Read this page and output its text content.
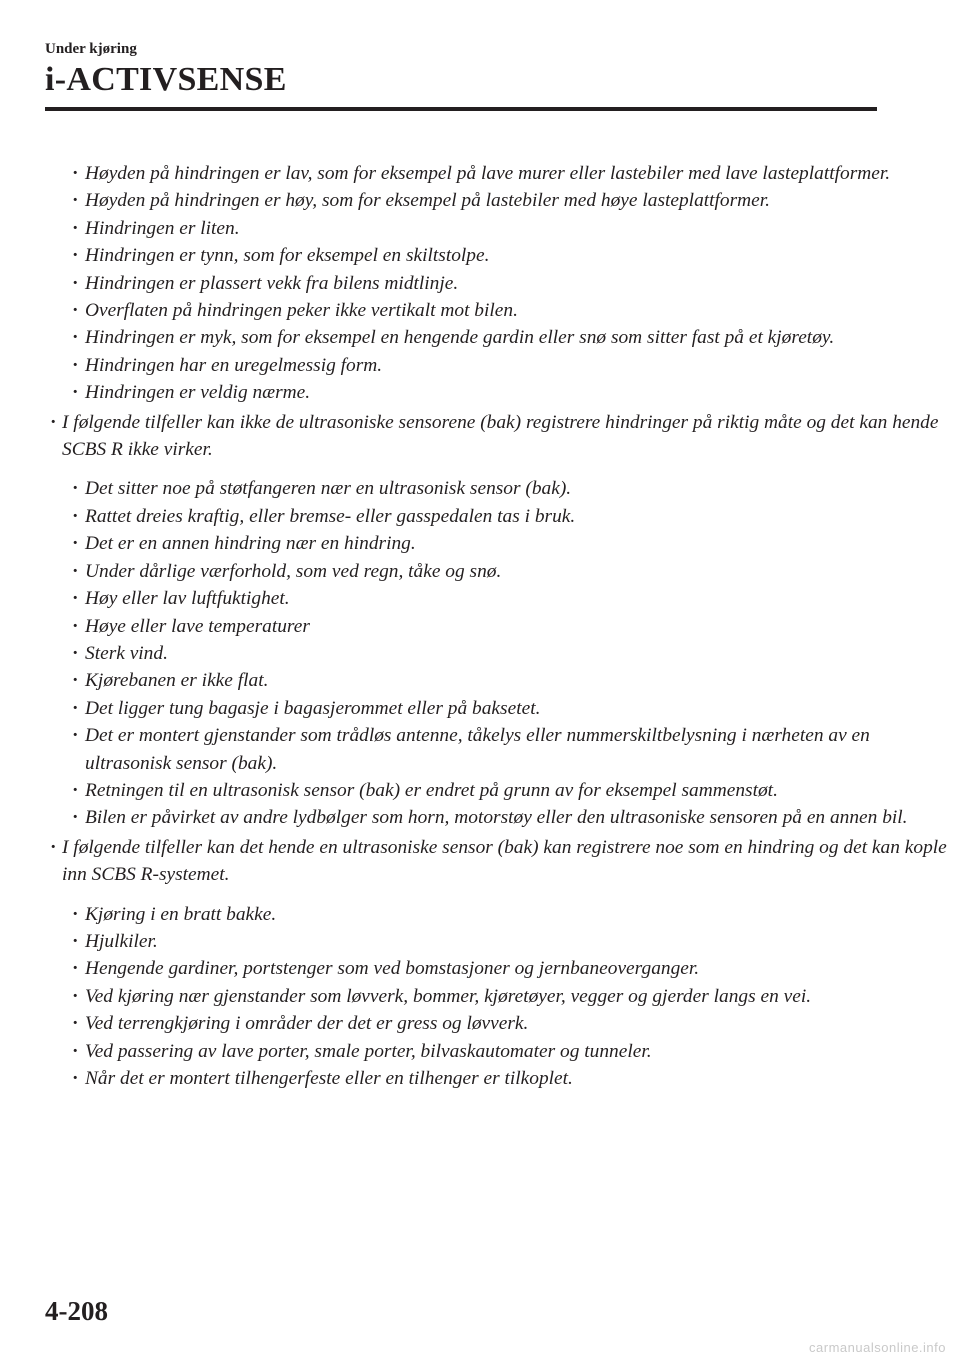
Under kjøring
i-ACTIVSENSE
· Høyden på hindringen er lav, som for eksempel på lave murer eller lastebiler med lave lasteplattformer.
· Høyden på hindringen er høy, som for eksempel på lastebiler med høye lasteplattformer.
· Hindringen er liten.
· Hindringen er tynn, som for eksempel en skiltstolpe.
· Hindringen er plassert vekk fra bilens midtlinje.
· Overflaten på hindringen peker ikke vertikalt mot bilen.
· Hindringen er myk, som for eksempel en hengende gardin eller snø som sitter fast på et kjøretøy.
· Hindringen har en uregelmessig form.
· Hindringen er veldig nærme.
· I følgende tilfeller kan ikke de ultrasoniske sensorene (bak) registrere hindringer på riktig måte og det kan hende SCBS R ikke virker.
· Det sitter noe på støtfangeren nær en ultrasonisk sensor (bak).
· Rattet dreies kraftig, eller bremse- eller gasspedalen tas i bruk.
· Det er en annen hindring nær en hindring.
· Under dårlige værforhold, som ved regn, tåke og snø.
· Høy eller lav luftfuktighet.
· Høye eller lave temperaturer
· Sterk vind.
· Kjørebanen er ikke flat.
· Det ligger tung bagasje i bagasjerommet eller på baksetet.
· Det er montert gjenstander som trådløs antenne, tåkelys eller nummerskiltbelysning i nærheten av en ultrasonisk sensor (bak).
· Retningen til en ultrasonisk sensor (bak) er endret på grunn av for eksempel sammenstøt.
· Bilen er påvirket av andre lydbølger som horn, motorstøy eller den ultrasoniske sensoren på en annen bil.
· I følgende tilfeller kan det hende en ultrasoniske sensor (bak) kan registrere noe som en hindring og det kan kople inn SCBS R-systemet.
· Kjøring i en bratt bakke.
· Hjulkiler.
· Hengende gardiner, portstenger som ved bomstasjoner og jernbaneoverganger.
· Ved kjøring nær gjenstander som løvverk, bommer, kjøretøyer, vegger og gjerder langs en vei.
· Ved terrengkjøring i områder der det er gress og løvverk.
· Ved passering av lave porter, smale porter, bilvaskautomater og tunneler.
· Når det er montert tilhengerfeste eller en tilhenger er tilkoplet.
4-208
carmanualsonline.info
